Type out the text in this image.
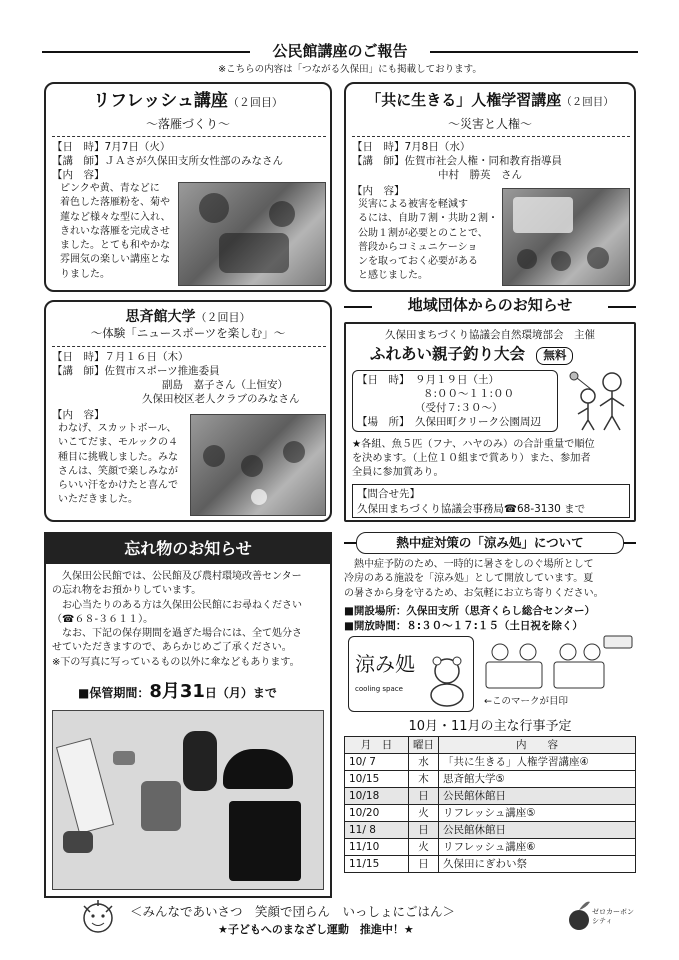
公民館講座のご報告
※こちらの内容は「つながる久保田」にも掲載しております。
リフレッシュ講座（２回目）
～落雁づくり～
【日　時】7月7日（火）
【講　師】ＪＡさが久保田支所女性部のみなさん
【内　容】
ピンクや黄、青などに
着色した落雁粉を、菊や
蓮など様々な型に入れ、
きれいな落雁を完成させ
ました。とても和やかな
雰囲気の楽しい講座とな
りました。
「共に生きる」人権学習講座（２回目）
～災害と人権～
【日　時】7月8日（水）
【講　師】佐賀市社会人権・同和教育指導員
中村　勝英　さん
【内　容】
災害による被害を軽減す
るには、自助７割・共助２割・
公助１割が必要とのことで、
普段からコミュニケーショ
ンを取っておく必要がある
と感じました。
思斉館大学（２回目）
～体験「ニュースポーツを楽しむ」～
【日　時】７月１６日（木）
【講　師】佐賀市スポーツ推進委員
副島　嘉子さん（上恒安）
久保田校区老人クラブのみなさん
【内　容】
わなげ、スカットボール、
いこてだま、モルックの４
種目に挑戦しました。みな
さんは、笑顔で楽しみなが
らいい汗をかけたと喜んで
いただきました。
地域団体からのお知らせ
久保田まちづくり協議会自然環境部会　主催
ふれあい親子釣り大会 無料
【日　時】 ９月１９日（土）
８:００～１１:００
（受付７:３０～）
【場　所】 久保田町クリーク公園周辺
★各組、魚５匹（フナ、ハヤのみ）の合計重量で順位
を決めます。（上位１０組まで賞あり）また、参加者
全員に参加賞あり。
【問合せ先】
久保田まちづくり協議会事務局☎68‐3130 まで
忘れ物のお知らせ
　久保田公民館では、公民館及び農村環境改善センター
の忘れ物をお預かりしています。
　お心当たりのある方は久保田公民館にお尋ねください
（☎６８‐３６１１）。
　なお、下記の保存期間を過ぎた場合には、全て処分さ
せていただきますので、あらかじめご了承ください。
※下の写真に写っているもの以外に傘などもあります。
■保管期間：8月31日（月）まで
熱中症対策の「涼み処」について
　熱中症予防のため、一時的に暑さをしのぐ場所として
冷房のある施設を「涼み処」として開放しています。夏
の暑さから身を守るため、お気軽にお立ち寄りください。
■開設場所：久保田支所（思斉くらし総合センター）
■開放時間：８:３０～１７:１５（土日祝を除く）
涼み処
cooling space
←このマークが目印
10月・11月の主な行事予定
月　日	曜日	内　　容
10/ 7	水	「共に生きる」人権学習講座④
10/15	木	思斉館大学⑤
10/18	日	公民館休館日
10/20	火	リフレッシュ講座⑤
11/ 8	日	公民館休館日
11/10	火	リフレッシュ講座⑥
11/15	日	久保田にぎわい祭
＜みんなであいさつ　笑顔で団らん　いっしょにごはん＞
★子どもへのまなざし運動　推進中！★
ゼロカーボンシティ
